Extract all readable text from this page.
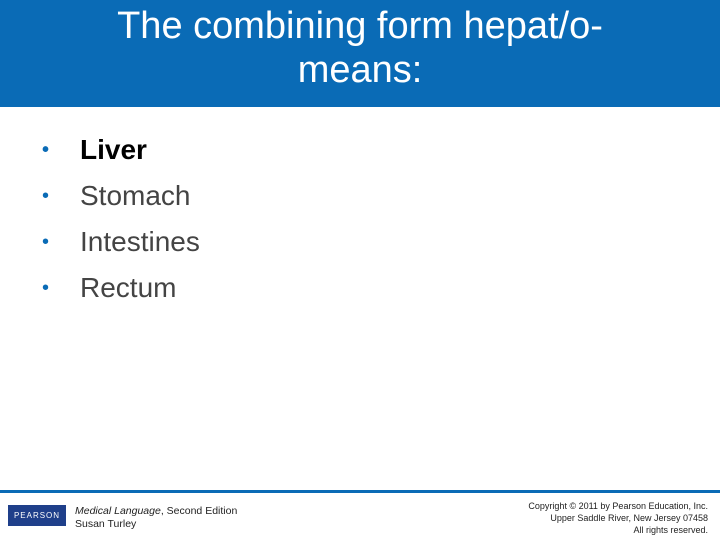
The combining form hepat/o-
means:
• Liver
• Stomach
• Intestines
• Rectum
PEARSON	Medical Language, Second Edition
Susan Turley
Copyright © 2011 by Pearson Education, Inc.
Upper Saddle River, New Jersey 07458
All rights reserved.
